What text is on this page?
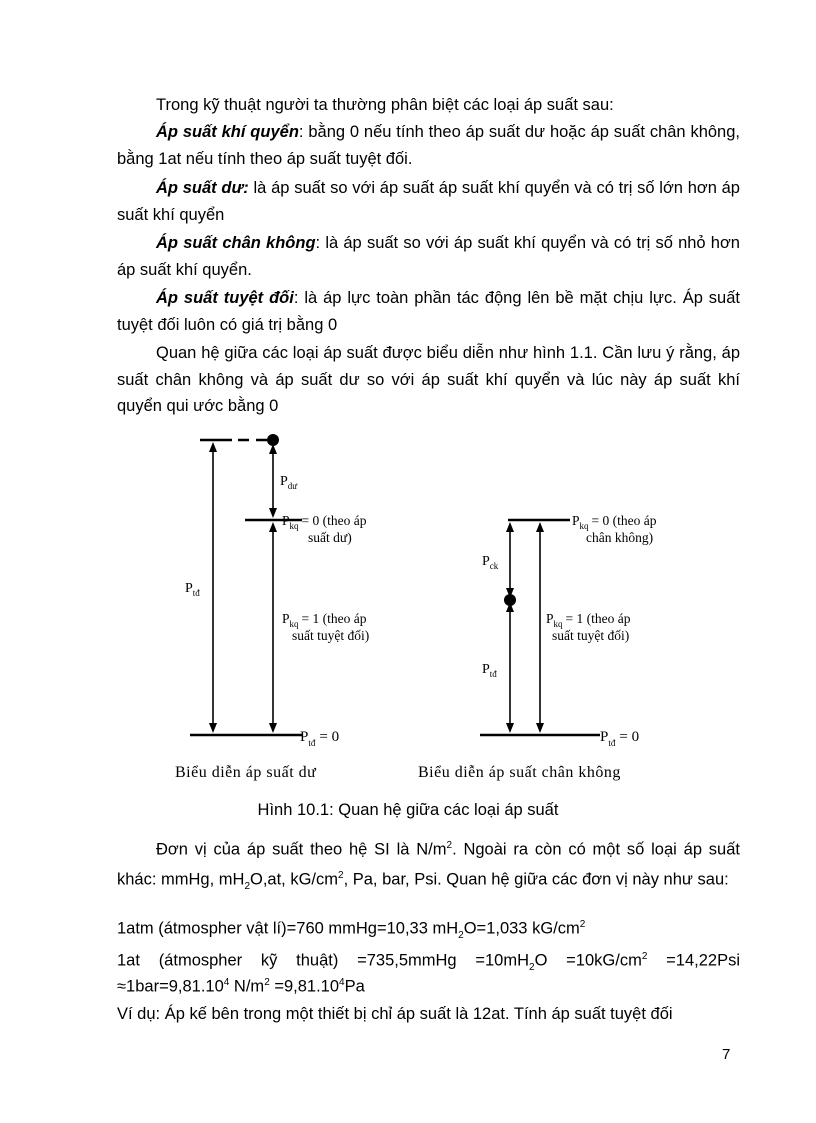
Trong kỹ thuật người ta thường phân biệt các loại áp suất sau:

Áp suất khí quyển: bằng 0 nếu tính theo áp suất dư hoặc áp suất chân không, bằng 1at nếu tính theo áp suất tuyệt đối.

Áp suất dư: là áp suất so với áp suất áp suất khí quyển và có trị số lớn hơn áp suất khí quyển

Áp suất chân không: là áp suất so với áp suất khí quyển và có trị số nhỏ hơn áp suất khí quyển.

Áp suất tuyệt đối: là áp lực toàn phần tác động lên bề mặt chịu lực. Áp suất tuyệt đối luôn có giá trị bằng 0

Quan hệ giữa các loại áp suất được biểu diễn như hình 1.1. Cần lưu ý rằng, áp suất chân không và áp suất dư so với áp suất khí quyển và lúc này áp suất khí quyển qui ước bằng 0

$P_{dư}$
$P_{tđ}$
$P_{kq} = 0$ (theo áp
suất dư)
$P_{kq} = 1$ (theo áp
suất tuyệt đối)
$P_{tđ} = 0$
Biểu diễn áp suất dư
$P_{ck}$
$P_{tđ}$
$P_{kq} = 0$ (theo áp
chân không)
$P_{kq} = 1$ (theo áp
suất tuyệt đối)
$P_{tđ} = 0$
Biểu diễn áp suất chân không
Hình 10.1: Quan hệ giữa các loại áp suất

Đơn vị của áp suất theo hệ SI là $N/m^2$. Ngoài ra còn có một số loại áp suất khác: mmHg, $mH_2O,at$, $kG/cm^2$, Pa, bar, Psi. Quan hệ giữa các đơn vị này như sau:

1atm (átmospher vật lí)=760 mmHg=10,33 $mH_2O=1,033$ $kG/cm^2$
1at (átmospher kỹ thuật) =735,5mmHg $=10mH_2O =10kG/cm^2 =14,22Psi$
$\approx 1bar=9,81.10^4$ $N/m^2 =9,81.10^4Pa$
Ví dụ: Áp kế bên trong một thiết bị chỉ áp suất là 12at. Tính áp suất tuyệt đối
7
